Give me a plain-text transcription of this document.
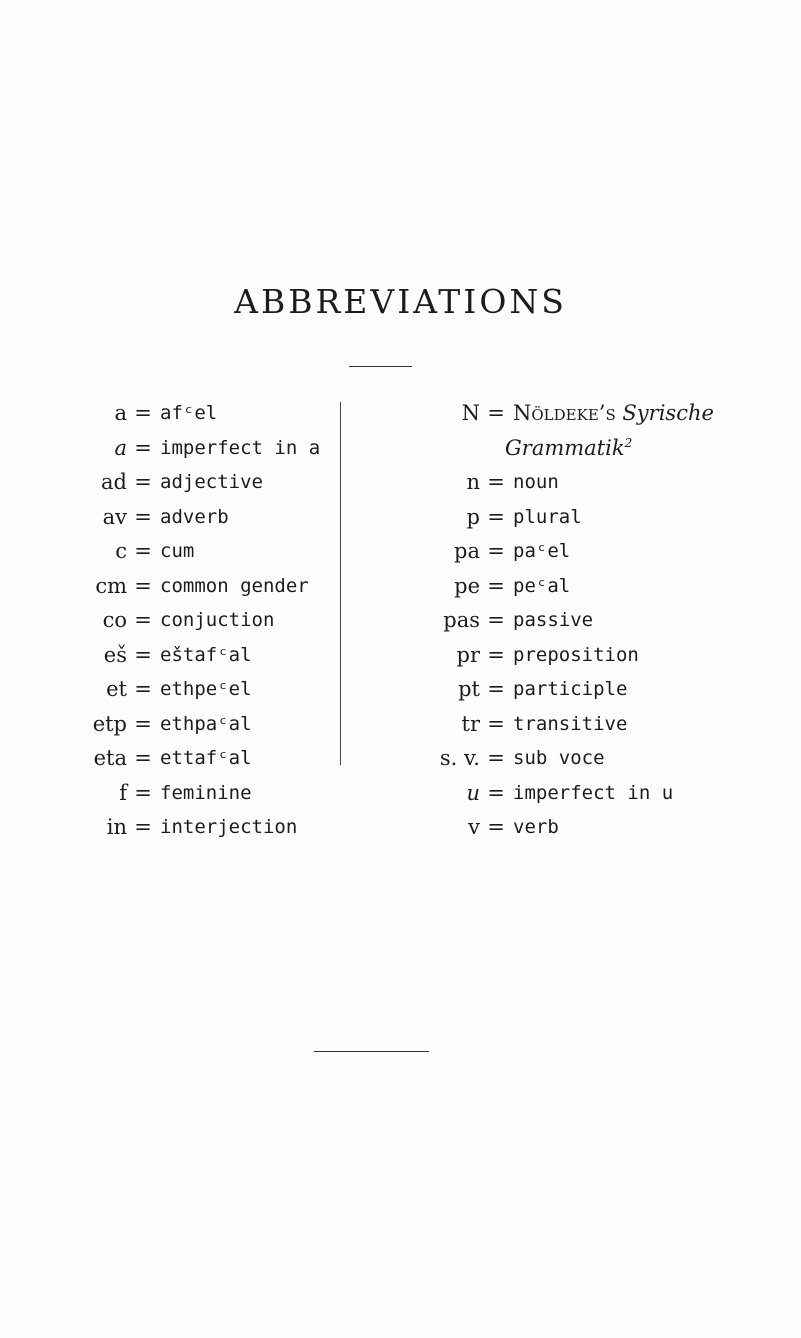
ABBREVIATIONS
a = afᶜel
a = imperfect in a
ad = adjective
av = adverb
c = cum
cm = common gender
co = conjuction
eš = eštafᶜal
et = ethpeᶜel
etp = ethpaᶜal
eta = ettafᶜal
f = feminine
in = interjection
N = Nöldeke’s Syrische
Grammatik$^2$
n = noun
p = plural
pa = paᶜel
pe = peᶜal
pas = passive
pr = preposition
pt = participle
tr = transitive
s. v. = sub voce
u = imperfect in u
v = verb
